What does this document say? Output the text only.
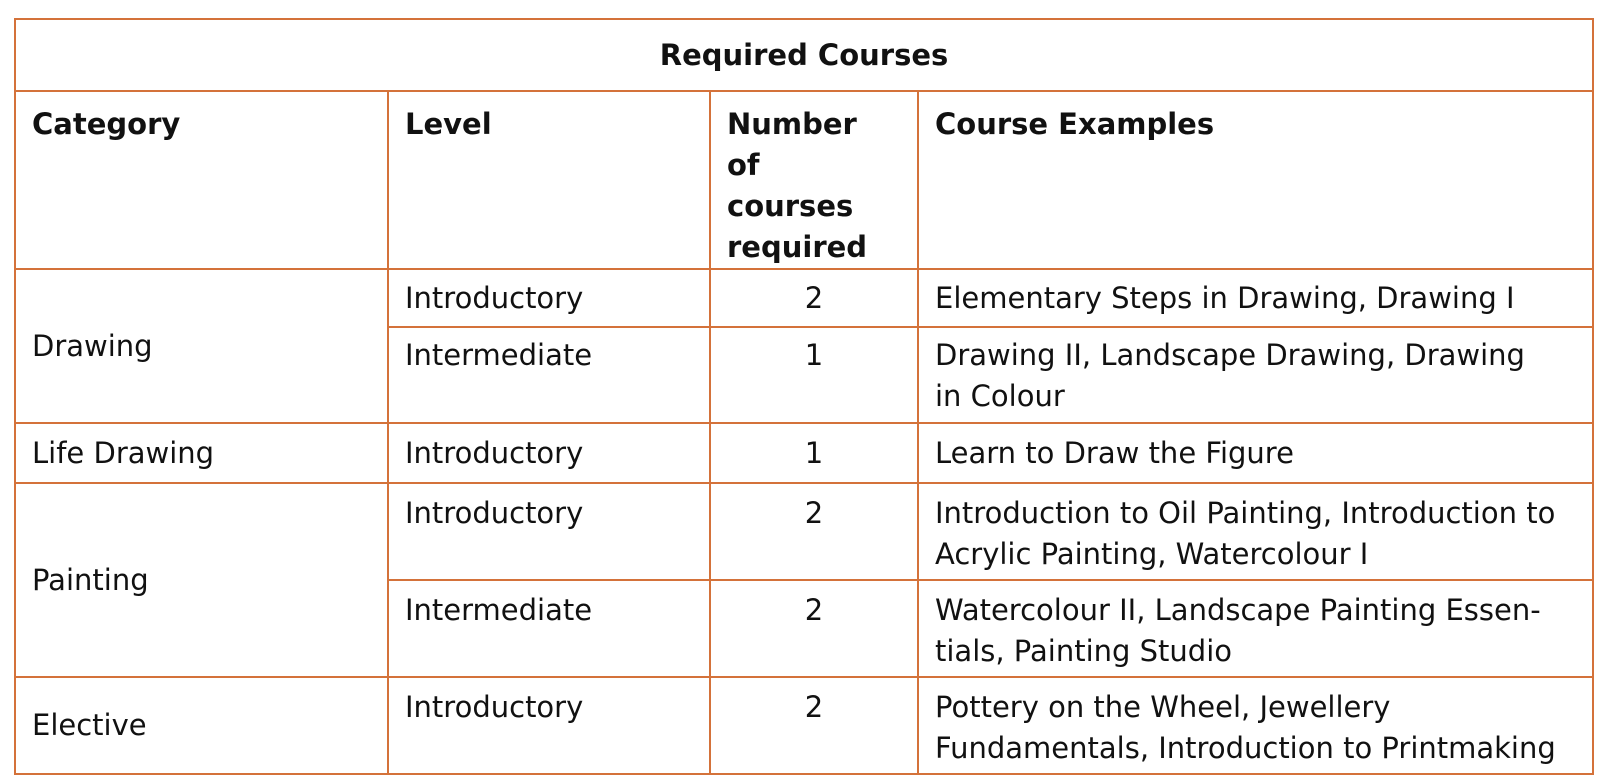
Required Courses			
Category	Level	Number of courses required	Course Examples
Drawing	Introductory	2	Elementary Steps in Drawing, Drawing I
	Intermediate	1	Drawing II, Landscape Drawing, Drawing in Colour
Life Drawing	Introductory	1	Learn to Draw the Figure
Painting	Introductory	2	Introduction to Oil Painting, Introduction to Acrylic Painting, Watercolour I
	Intermediate	2	Watercolour II, Landscape Painting Essen-tials, Painting Studio
Elective	Introductory	2	Pottery on the Wheel, Jewellery Fundamentals, Introduction to Printmaking
